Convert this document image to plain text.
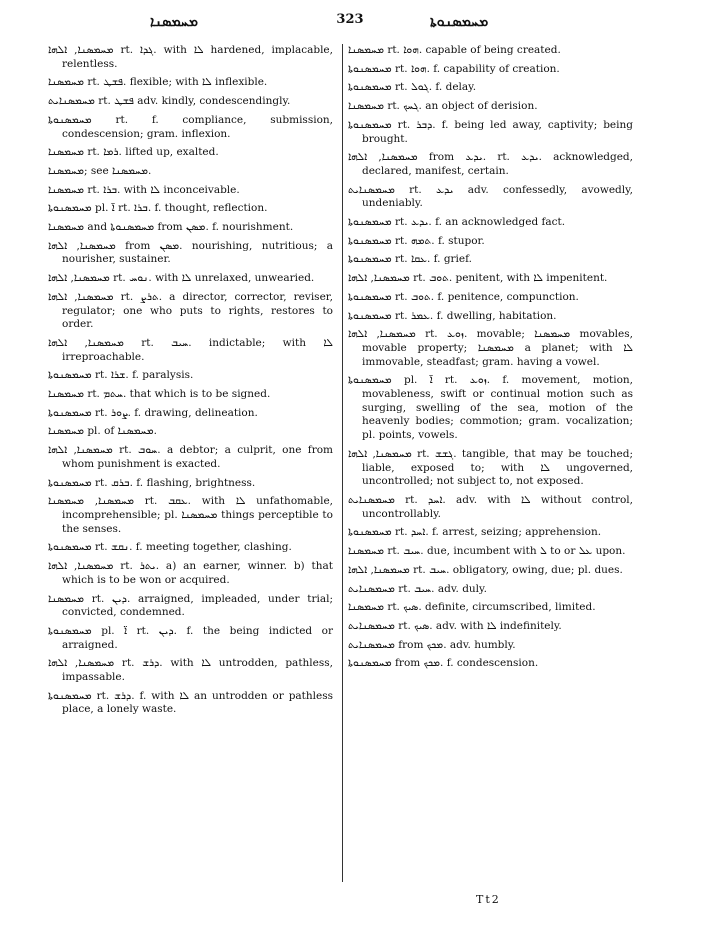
ܡܚܡܣܢܐ	323	ܡܚܡܣܢܘܬܐ

ܡܚܡܣܢܐ, ܐܠܗܐ rt. ܓܕܐ. with ܠܐ hardened, implacable, relentless.

ܡܚܡܣܢܐ rt. ܦܫܛ. flexible; with ܠܐ inflexible.

ܡܚܡܣܢܐܝܬ rt. ܦܫܛ adv. kindly, condescendingly.

ܡܚܡܣܢܘܬܐ rt. f. compliance, submission, condescension; gram. inflexion.

ܡܚܡܣܢܐ rt. ܪܡܐ. lifted up, exalted.

ܡܚܡܣܢܐ; see ܡܚܡܣܢܐ.

ܡܚܡܣܢܐ rt. ܒܪܐ. with ܠܐ inconceivable.

ܡܚܡܣܢܘܬܐ pl. ܐ̈ rt. ܒܪܐ. f. thought, reflection.

ܡܚܡܣܢܐ and ܡܚܡܣܢܘܬܐ from ܡܣܢ. f. nourishment.

ܡܚܡܣܢܐ, ܐܠܗܐ from ܡܣܢ. nourishing, nutritious; a nourisher, sustainer.

ܡܚܡܣܢܐ, ܐܠܗܐ rt. ܢܘܚ. with ܠܐ unrelaxed, unwearied.

ܡܚܡܣܢܐ, ܐܠܗܐ rt. ܬܪܨ. a director, corrector, reviser, regulator; one who puts to rights, restores to order.

ܡܚܡܣܢܐ, ܐܠܗܐ rt. ܚܝܒ. indictable; with ܠܐ irreproachable.

ܡܚܡܣܢܘܬܐ rt. ܫܪܐ. f. paralysis.

ܡܚܡܣܢܐ rt. ܚܬܡ. that which is to be signed.

ܡܚܡܣܢܘܬܐ rt. ܨܘܪ. f. drawing, delineation.

ܡܚܡܣܢܐ pl. of ܡܚܡܣܢܐ.

ܡܚܡܣܢܐ, ܐܠܗܐ rt. ܚܘܒ. a debtor; a culprit, one from whom punishment is exacted.

ܡܚܡܣܢܘܬܐ rt. ܒܪܩ. f. flashing, brightness.

ܡܚܡܣܢܐ, ܡܚܡܣܢܐ rt. ܥܩܒ. with ܠܐ unfathomable, incomprehensible; pl. ܡܚܡܣܢܐ things perceptible to the senses.

ܡܚܡܣܢܘܬܐ rt. ܢܩܫ. f. meeting together, clashing.

ܡܚܡܣܢܐ, ܐܠܗܐ rt. ܝܬܪ. a) an earner, winner. b) that which is to be won or acquired.

ܡܚܡܣܢܐ rt. ܕܝܢ. arraigned, impleaded, under trial; convicted, condemned.

ܡܚܡܣܢܘܬܐ pl. ܐ̈ rt. ܕܝܢ. f. the being indicted or arraigned.

ܡܚܡܣܢܐ, ܐܠܗܐ rt. ܕܪܫ. with ܠܐ untrodden, pathless, impassable.

ܡܚܡܣܢܘܬܐ rt. ܕܪܫ. f. with ܠܐ an untrodden or pathless place, a lonely waste.

ܡܚܡܣܢܐ rt. ܗܘܐ. capable of being created.

ܡܚܡܣܢܘܬܐ rt. ܗܘܐ. f. capability of creation.

ܡܚܡܣܢܘܬܐ rt. ܓܘܠ. f. delay.

ܡܚܡܣܢܐ rt. ܓܚܟ. an object of derision.

ܡܚܡܣܢܘܬܐ rt. ܕܒܪ. f. being led away, captivity; being brought.

ܡܚܡܣܢܐ, ܐܠܗܐ from ܝܕܥ. rt. ܝܕܥ. acknowledged, declared, manifest, certain.

ܡܚܡܣܢܐܝܬ rt. ܝܕܥ adv. confessedly, avowedly, undeniably.

ܡܚܡܣܢܘܬܐ rt. ܝܕܥ. f. an acknowledged fact.

ܡܚܡܣܢܘܬܐ rt. ܬܡܗ. f. stupor.

ܡܚܡܣܢܘܬܐ rt. ܥܩܐ. f. grief.

ܡܚܡܣܢܐ, ܐܠܗܐ rt. ܬܘܒ. penitent, with ܠܐ impenitent.

ܡܚܡܣܢܘܬܐ rt. ܬܘܒ. f. penitence, compunction.

ܡܚܡܣܢܘܬܐ rt. ܥܡܪ. f. dwelling, habitation.

ܡܚܡܣܢܐ, ܐܠܗܐ rt. ܙܘܥ. movable; ܡܚܡܣܢܐ movables, movable property; ܡܚܡܣܢܐ a planet; with ܠܐ immovable, steadfast; gram. having a vowel.

ܡܚܡܣܢܘܬܐ pl. ܐ̈ rt. ܙܘܥ. f. movement, motion, movableness, swift or continual motion such as surging, swelling of the sea, motion of the heavenly bodies; commotion; gram. vocalization; pl. points, vowels.

ܡܚܡܣܢܐ, ܐܠܗܐ rt. ܓܫܫ. tangible, that may be touched; liable, exposed to; with ܠܐ ungoverned, uncontrolled; not subject to, not exposed.

ܡܚܡܣܢܐܝܬ rt. ܐܚܕ. adv. with ܠܐ without control, uncontrollably.

ܡܚܡܣܢܘܬܐ rt. ܐܚܕ. f. arrest, seizing; apprehension.

ܡܚܡܣܢܐ rt. ܚܝܒ. due, incumbent with ܠ to or ܥܠ upon.

ܡܚܡܣܢܐ, ܐܠܗܐ rt. ܚܝܒ. obligatory, owing, due; pl. dues.

ܡܚܡܣܢܐܝܬ rt. ܚܝܒ. adv. duly.

ܡܚܡܣܢܐ rt. ܣܝܟ. definite, circumscribed, limited.

ܡܚܡܣܢܐܝܬ rt. ܣܝܟ. adv. with ܠܐ indefinitely.

ܡܚܡܣܢܐܝܬ from ܡܟܟ. adv. humbly.

ܡܚܡܣܢܘܬܐ from ܡܟܟ. f. condescension.

Tt2
